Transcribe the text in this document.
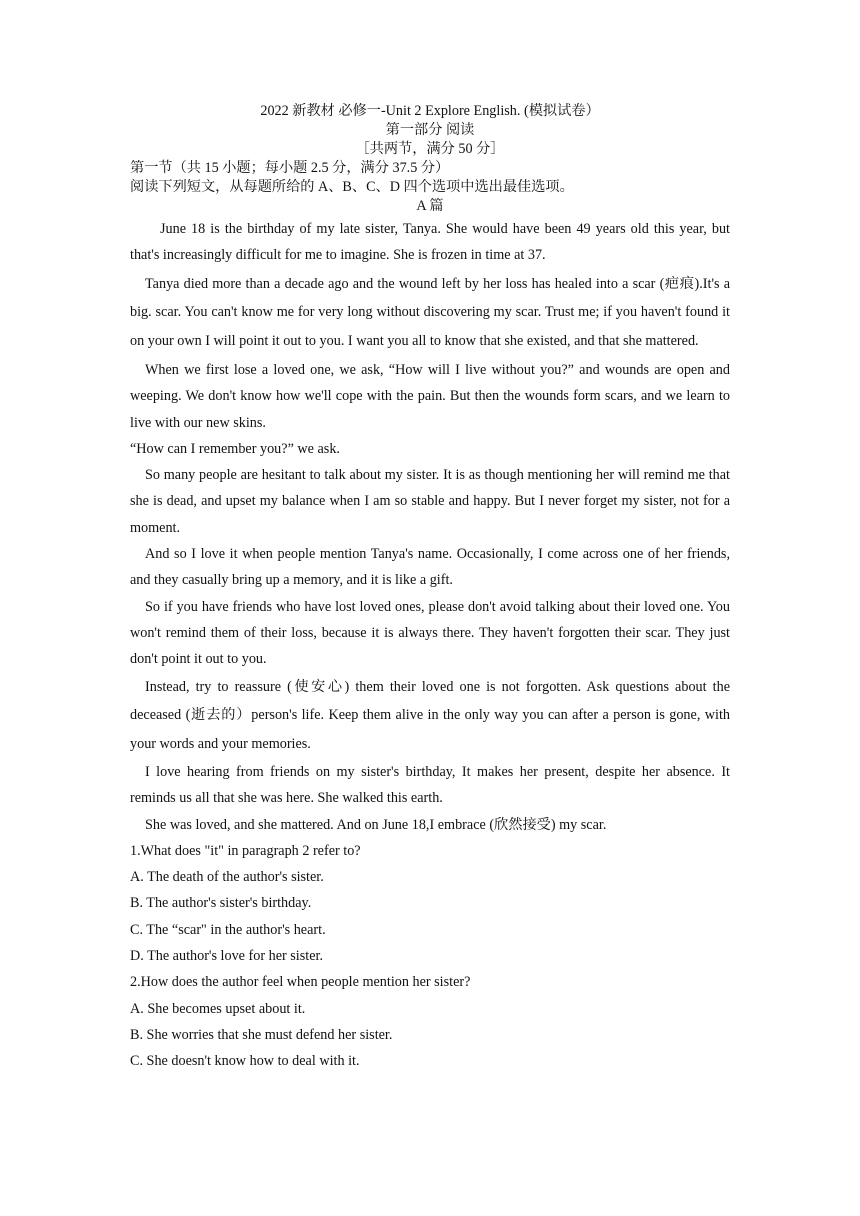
2022 新教材 必修一-Unit 2 Explore English. (模拟试卷）
第一部分 阅读
［共两节，满分 50 分］
第一节（共 15 小题；每小题 2.5 分，满分 37.5 分）
阅读下列短文，从每题所给的 A、B、C、D 四个选项中选出最佳选项。
A 篇

June 18 is the birthday of my late sister, Tanya. She would have been 49 years old this year, but that's increasingly difficult for me to imagine. She is frozen in time at 37.

Tanya died more than a decade ago and the wound left by her loss has healed into a scar (疤痕).It's a big. scar. You can't know me for very long without discovering my scar. Trust me; if you haven't found it on your own I will point it out to you. I want you all to know that she existed, and that she mattered.

When we first lose a loved one, we ask, “How will I live without you?” and wounds are open and weeping. We don't know how we'll cope with the pain. But then the wounds form scars, and we learn to live with our new skins.

“How can I remember you?” we ask.

So many people are hesitant to talk about my sister. It is as though mentioning her will remind me that she is dead, and upset my balance when I am so stable and happy. But I never forget my sister, not for a moment.

And so I love it when people mention Tanya's name. Occasionally, I come across one of her friends, and they casually bring up a memory, and it is like a gift.

So if you have friends who have lost loved ones, please don't avoid talking about their loved one. You won't remind them of their loss, because it is always there. They haven't forgotten their scar. They just don't point it out to you.

Instead, try to reassure (使安心) them their loved one is not forgotten. Ask questions about the deceased (逝去的）person's life. Keep them alive in the only way you can after a person is gone, with your words and your memories.

I love hearing from friends on my sister's birthday, It makes her present, despite her absence. It reminds us all that she was here. She walked this earth.

She was loved, and she mattered. And on June 18,I embrace (欣然接受) my scar.

1.What does "it" in paragraph 2 refer to?

A. The death of the author's sister.

B. The author's sister's birthday.

C. The “scar" in the author's heart.

D. The author's love for her sister.

2.How does the author feel when people mention her sister?

A. She becomes upset about it.

B. She worries that she must defend her sister.

C. She doesn't know how to deal with it.
